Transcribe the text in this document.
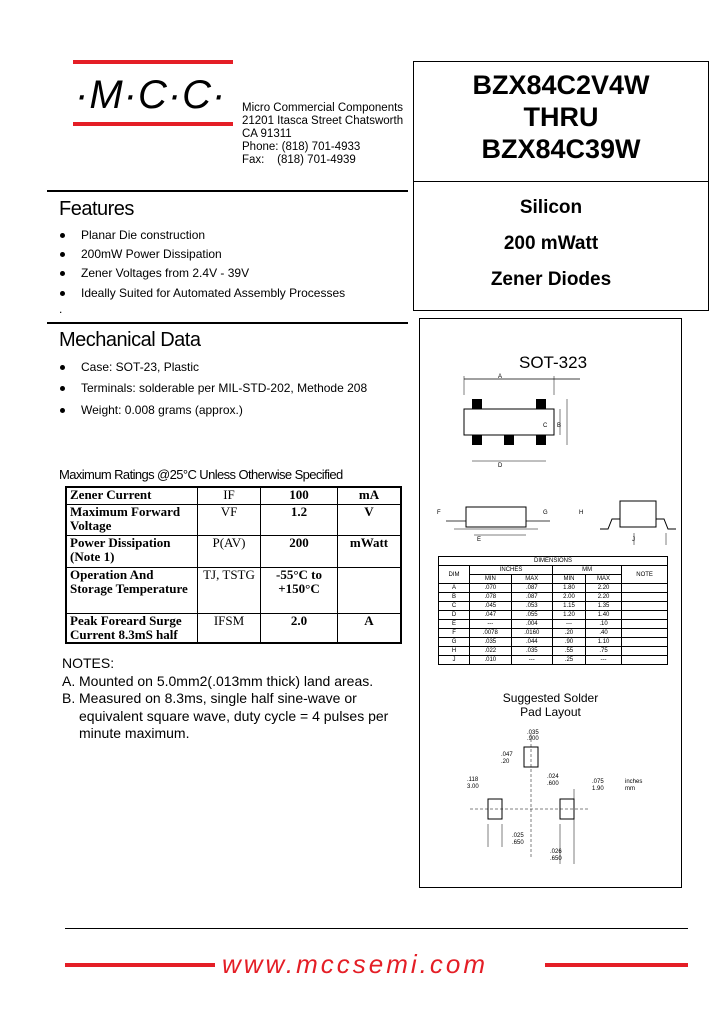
·M·C·C· Micro Commercial Components
21201 Itasca Street Chatsworth
CA 91311
Phone: (818) 701-4933
Fax:    (818) 701-4939
BZX84C2V4W
THRU
BZX84C39W
Silicon
200 mWatt
Zener Diodes
Features
Planar Die construction
200mW Power Dissipation
Zener Voltages from 2.4V - 39V
Ideally Suited for Automated Assembly Processes
.
Mechanical Data
Case: SOT-23, Plastic
Terminals: solderable per MIL-STD-202, Methode 208
Weight: 0.008 grams (approx.)
Maximum Ratings @25°C Unless Otherwise Specified
Zener Current	IF	100	mA
Maximum Forward Voltage	VF	1.2	V
Power Dissipation (Note 1)	P(AV)	200	mWatt
Operation And Storage Temperature	TJ, TSTG	-55°C to +150°C	
Peak Foreard Surge Current 8.3mS half	IFSM	2.0	A
NOTES:
A. Mounted on 5.0mm2(.013mm thick) land areas.
B. Measured on 8.3ms, single half sine-wave or
equivalent square wave, duty cycle = 4 pulses per
minute maximum.
SOT-323
A
C B
D
F	G
E
H
J
DIMENSIONS					
DIM	INCHES		MM		NOTE
	MIN	MAX	MIN	MAX	
A	.070	.087	1.80	2.20	
B	.078	.087	2.00	2.20	
C	.045	.053	1.15	1.35	
D	.047	.055	1.20	1.40	
E	---	.004	---	.10	
F	.0078	.0160	.20	.40	
G	.035	.044	.90	1.10	
H	.022	.035	.55	.75	
J	.010	---	.25	---	
Suggested Solder
Pad Layout
.035
.900
.047
.20
.024
.600
.118
3.00
.075
1.90
inches
mm
.025
.650
.026
.650
www.mccsemi.com
